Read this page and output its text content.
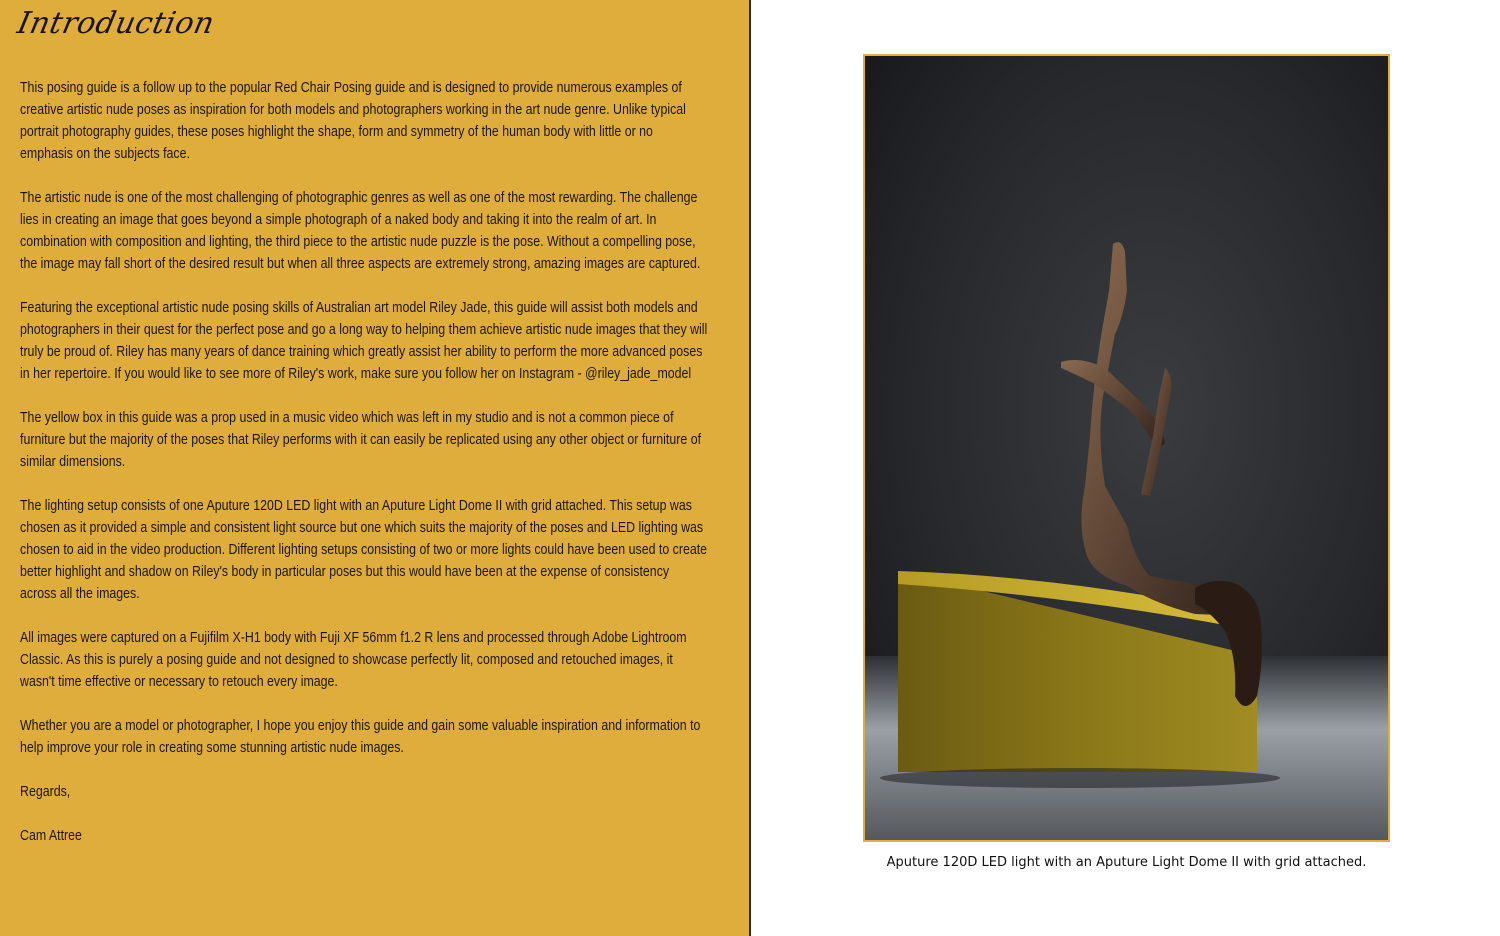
Introduction

This posing guide is a follow up to the popular Red Chair Posing guide and is designed to provide numerous examples of creative artistic nude poses as inspiration for both models and photographers working in the art nude genre. Unlike typical portrait photography guides, these poses highlight the shape, form and symmetry of the human body with little or no emphasis on the subjects face.

The artistic nude is one of the most challenging of photographic genres as well as one of the most rewarding. The challenge lies in creating an image that goes beyond a simple photograph of a naked body and taking it into the realm of art. In combination with composition and lighting, the third piece to the artistic nude puzzle is the pose. Without a compelling pose, the image may fall short of the desired result but when all three aspects are extremely strong, amazing images are captured.

Featuring the exceptional artistic nude posing skills of Australian art model Riley Jade, this guide will assist both models and photographers in their quest for the perfect pose and go a long way to helping them achieve artistic nude images that they will truly be proud of. Riley has many years of dance training which greatly assist her ability to perform the more advanced poses in her repertoire. If you would like to see more of Riley's work, make sure you follow her on Instagram - @riley_jade_model

The yellow box in this guide was a prop used in a music video which was left in my studio and is not a common piece of furniture but the majority of the poses that Riley performs with it can easily be replicated using any other object or furniture of similar dimensions.

The lighting setup consists of one Aputure 120D LED light with an Aputure Light Dome II with grid attached. This setup was chosen as it provided a simple and consistent light source but one which suits the majority of the poses and LED lighting was chosen to aid in the video production. Different lighting setups consisting of two or more lights could have been used to create better highlight and shadow on Riley's body in particular poses but this would have been at the expense of consistency across all the images.

All images were captured on a Fujifilm X-H1 body with Fuji XF 56mm f1.2 R lens and processed through Adobe Lightroom Classic. As this is purely a posing guide and not designed to showcase perfectly lit, composed and retouched images, it wasn't time effective or necessary to retouch every image.

Whether you are a model or photographer, I hope you enjoy this guide and gain some valuable inspiration and information to help improve your role in creating some stunning artistic nude images.

Regards,

Cam Attree

Aputure 120D LED light with an Aputure Light Dome II with grid attached.
